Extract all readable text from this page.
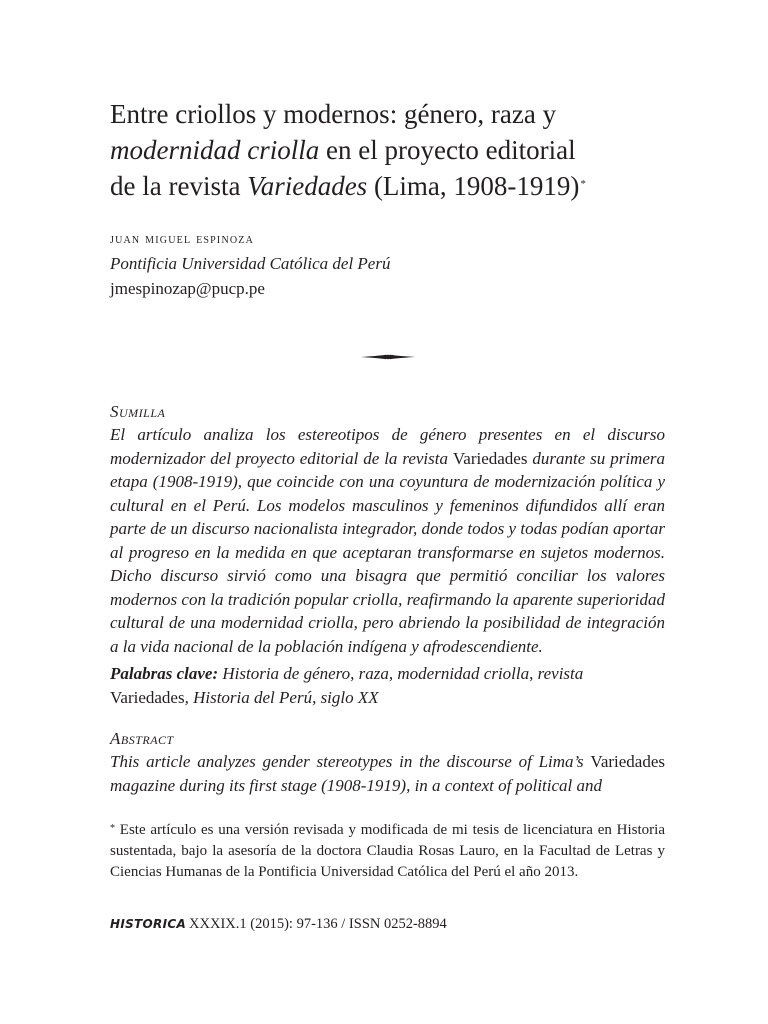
Entre criollos y modernos: género, raza y
modernidad criolla en el proyecto editorial
de la revista Variedades (Lima, 1908-1919)*
juan miguel espinoza
Pontificia Universidad Católica del Perú
jmespinozap@pucp.pe
Sumilla

El artículo analiza los estereotipos de género presentes en el discurso modernizador del proyecto editorial de la revista Variedades durante su primera etapa (1908-1919), que coincide con una coyuntura de modernización política y cultural en el Perú. Los modelos masculinos y femeninos difundidos allí eran parte de un discurso nacionalista integrador, donde todos y todas podían aportar al progreso en la medida en que aceptaran transformarse en sujetos modernos. Dicho discurso sirvió como una bisagra que permitió conciliar los valores modernos con la tradición popular criolla, reafirmando la aparente superioridad cultural de una modernidad criolla, pero abriendo la posibilidad de integración a la vida nacional de la población indígena y afrodescendiente.

Palabras clave: Historia de género, raza, modernidad criolla, revista Variedades, Historia del Perú, siglo XX
Abstract

This article analyzes gender stereotypes in the discourse of Lima’s Variedades magazine during its first stage (1908-1919), in a context of political and

* Este artículo es una versión revisada y modificada de mi tesis de licenciatura en Historia sustentada, bajo la asesoría de la doctora Claudia Rosas Lauro, en la Facultad de Letras y Ciencias Humanas de la Pontificia Universidad Católica del Perú el año 2013.
HISTORICA XXXIX.1 (2015): 97-136 / ISSN 0252-8894
